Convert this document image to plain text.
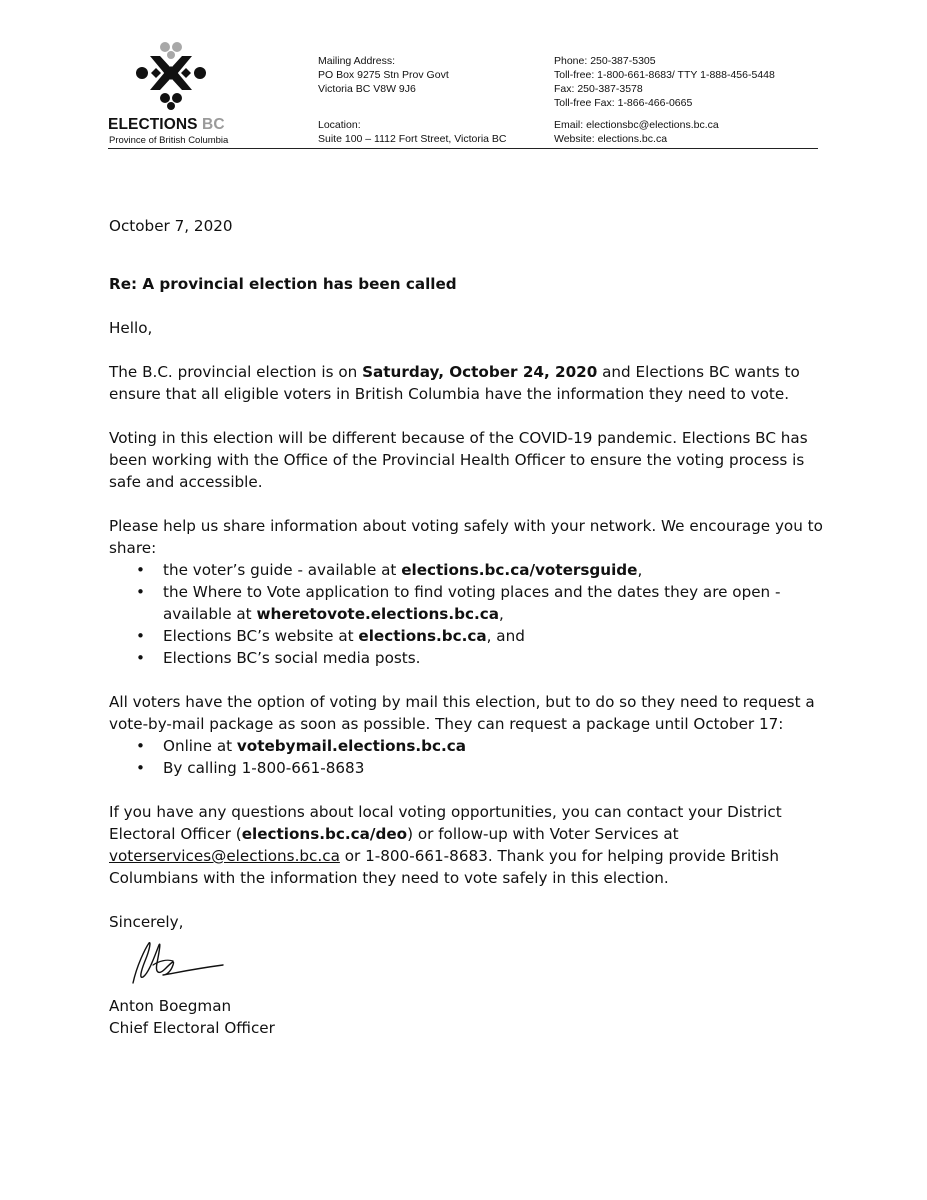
ELECTIONS BC
Province of British Columbia
Mailing Address:
PO Box 9275 Stn Prov Govt
Victoria BC V8W 9J6
Location:
Suite 100 – 1112 Fort Street, Victoria BC
Phone: 250-387-5305
Toll-free: 1-800-661-8683/ TTY 1-888-456-5448
Fax: 250-387-3578
Toll-free Fax: 1-866-466-0665
Email: electionsbc@elections.bc.ca
Website: elections.bc.ca

October 7, 2020

Re: A provincial election has been called

Hello,

The B.C. provincial election is on Saturday, October 24, 2020 and Elections BC wants to ensure that all eligible voters in British Columbia have the information they need to vote.

Voting in this election will be different because of the COVID-19 pandemic. Elections BC has been working with the Office of the Provincial Health Officer to ensure the voting process is safe and accessible.

Please help us share information about voting safely with your network. We encourage you to share:

• the voter’s guide - available at elections.bc.ca/votersguide,
• the Where to Vote application to find voting places and the dates they are open - available at wheretovote.elections.bc.ca,
• Elections BC’s website at elections.bc.ca, and
• Elections BC’s social media posts.

All voters have the option of voting by mail this election, but to do so they need to request a vote-by-mail package as soon as possible. They can request a package until October 17:

• Online at votebymail.elections.bc.ca
• By calling 1-800-661-8683

If you have any questions about local voting opportunities, you can contact your District Electoral Officer (elections.bc.ca/deo) or follow-up with Voter Services at voterservices@elections.bc.ca or 1-800-661-8683. Thank you for helping provide British Columbians with the information they need to vote safely in this election.

Sincerely,

Anton Boegman

Chief Electoral Officer
